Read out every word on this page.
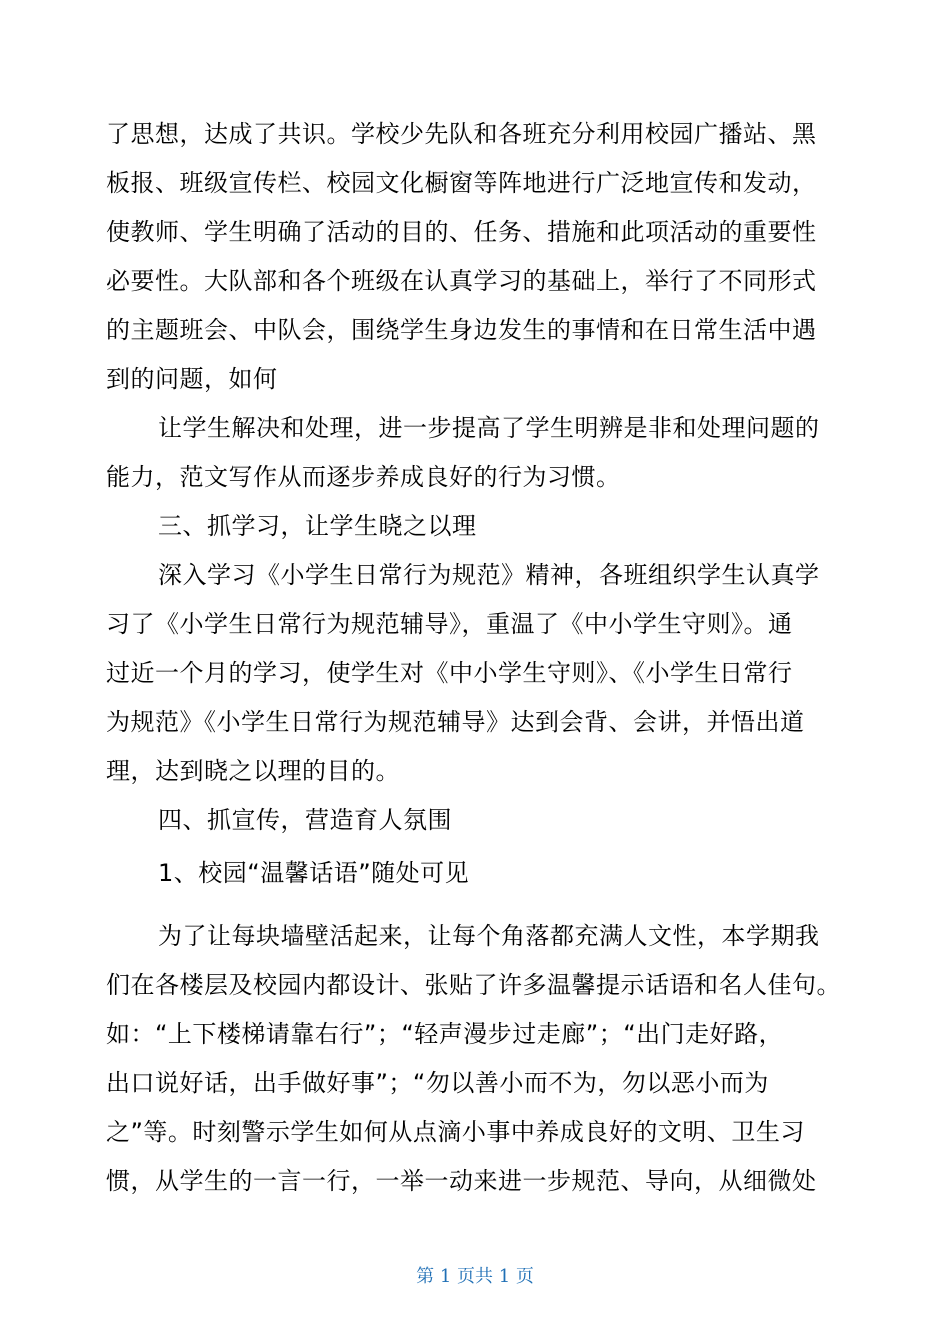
了思想，达成了共识。学校少先队和各班充分利用校园广播站、黑
板报、班级宣传栏、校园文化橱窗等阵地进行广泛地宣传和发动，
使教师、学生明确了活动的目的、任务、措施和此项活动的重要性
必要性。大队部和各个班级在认真学习的基础上，举行了不同形式
的主题班会、中队会，围绕学生身边发生的事情和在日常生活中遇
到的问题，如何
让学生解决和处理，进一步提高了学生明辨是非和处理问题的
能力，范文写作从而逐步养成良好的行为习惯。
三、抓学习，让学生晓之以理
深入学习《小学生日常行为规范》精神，各班组织学生认真学
习了《小学生日常行为规范辅导》，重温了《中小学生守则》。通
过近一个月的学习，使学生对《中小学生守则》、《小学生日常行
为规范》《小学生日常行为规范辅导》达到会背、会讲，并悟出道
理，达到晓之以理的目的。
四、抓宣传，营造育人氛围
1、校园“温馨话语”随处可见
为了让每块墙壁活起来，让每个角落都充满人文性，本学期我
们在各楼层及校园内都设计、张贴了许多温馨提示话语和名人佳句。
如：“上下楼梯请靠右行”；“轻声漫步过走廊”；“出门走好路，
出口说好话，出手做好事”；“勿以善小而不为，勿以恶小而为
之”等。时刻警示学生如何从点滴小事中养成良好的文明、卫生习
惯，从学生的一言一行，一举一动来进一步规范、导向，从细微处
第 1 页共 1 页
